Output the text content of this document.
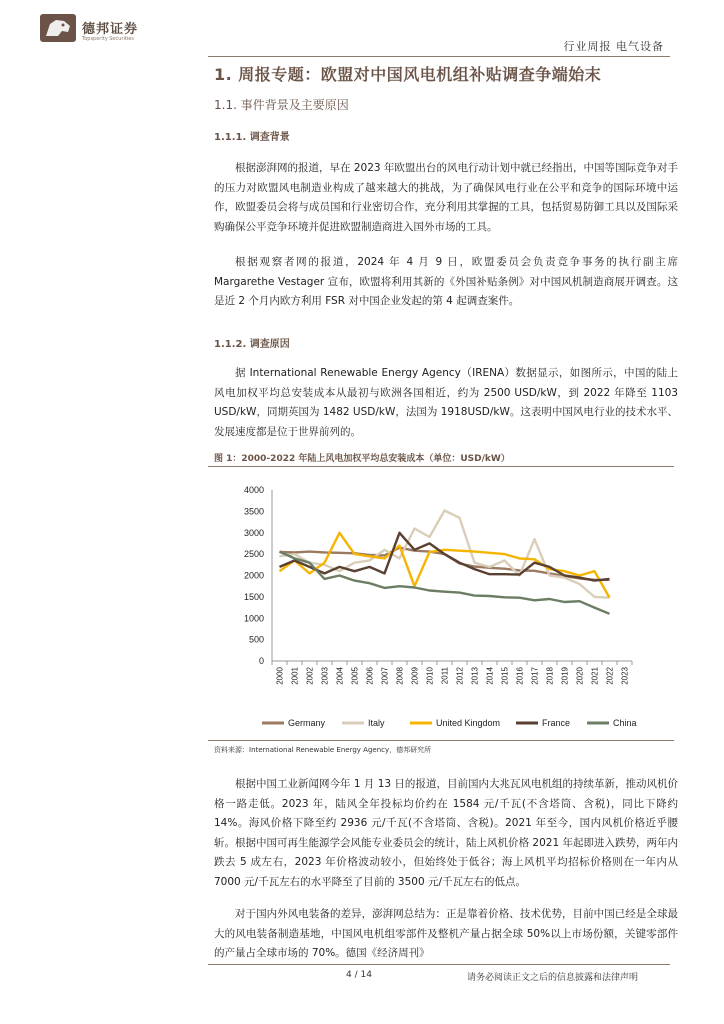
德邦证券
Topsperity Securities
行业周报 电气设备
1. 周报专题：欧盟对中国风电机组补贴调查争端始末
1.1. 事件背景及主要原因
1.1.1. 调查背景
根据澎湃网的报道，早在 2023 年欧盟出台的风电行动计划中就已经指出，中国等国际竞争对手的压力对欧盟风电制造业构成了越来越大的挑战，为了确保风电行业在公平和竞争的国际环境中运作，欧盟委员会将与成员国和行业密切合作，充分利用其掌握的工具，包括贸易防御工具以及国际采购确保公平竞争环境并促进欧盟制造商进入国外市场的工具。
根据观察者网的报道，2024 年 4 月 9 日，欧盟委员会负责竞争事务的执行副主席 Margarethe Vestager 宣布，欧盟将利用其新的《外国补贴条例》对中国风机制造商展开调查。这是近 2 个月内欧方利用 FSR 对中国企业发起的第 4 起调查案件。
1.1.2. 调查原因
据 International Renewable Energy Agency（IRENA）数据显示，如图所示，中国的陆上风电加权平均总安装成本从最初与欧洲各国相近，约为 2500 USD/kW，到 2022 年降至 1103 USD/kW，同期英国为 1482 USD/kW，法国为 1918USD/kW。这表明中国风电行业的技术水平、发展速度都是位于世界前列的。
图 1：2000-2022 年陆上风电加权平均总安装成本（单位：USD/kW）
0
500
1000
1500
2000
2500
3000
3500
4000
2000 2001 2002 2003 2004 2005 2006 2007 2008 2009 2010 2011 2012 2013 2014 2015 2016 2017 2018 2019 2020 2021 2022 2023
Germany	Italy	United Kingdom	France	China
资料来源：International Renewable Energy Agency，德邦研究所
根据中国工业新闻网今年 1 月 13 日的报道，目前国内大兆瓦风电机组的持续革新，推动风机价格一路走低。2023 年，陆风全年投标均价约在 1584 元/千瓦(不含塔筒、含税)，同比下降约 14%。海风价格下降至约 2936 元/千瓦(不含塔筒、含税)。2021 年至今，国内风机价格近乎腰斩。根据中国可再生能源学会风能专业委员会的统计，陆上风机价格 2021 年起即进入跌势，两年内跌去 5 成左右，2023 年价格波动较小，但始终处于低谷；海上风机平均招标价格则在一年内从 7000 元/千瓦左右的水平降至了目前的 3500 元/千瓦左右的低点。
对于国内外风电装备的差异，澎湃网总结为：正是靠着价格、技术优势，目前中国已经是全球最大的风电装备制造基地，中国风电机组零部件及整机产量占据全球 50%以上市场份额，关键零部件的产量占全球市场的 70%。德国《经济周刊》
4 / 14	请务必阅读正文之后的信息披露和法律声明
